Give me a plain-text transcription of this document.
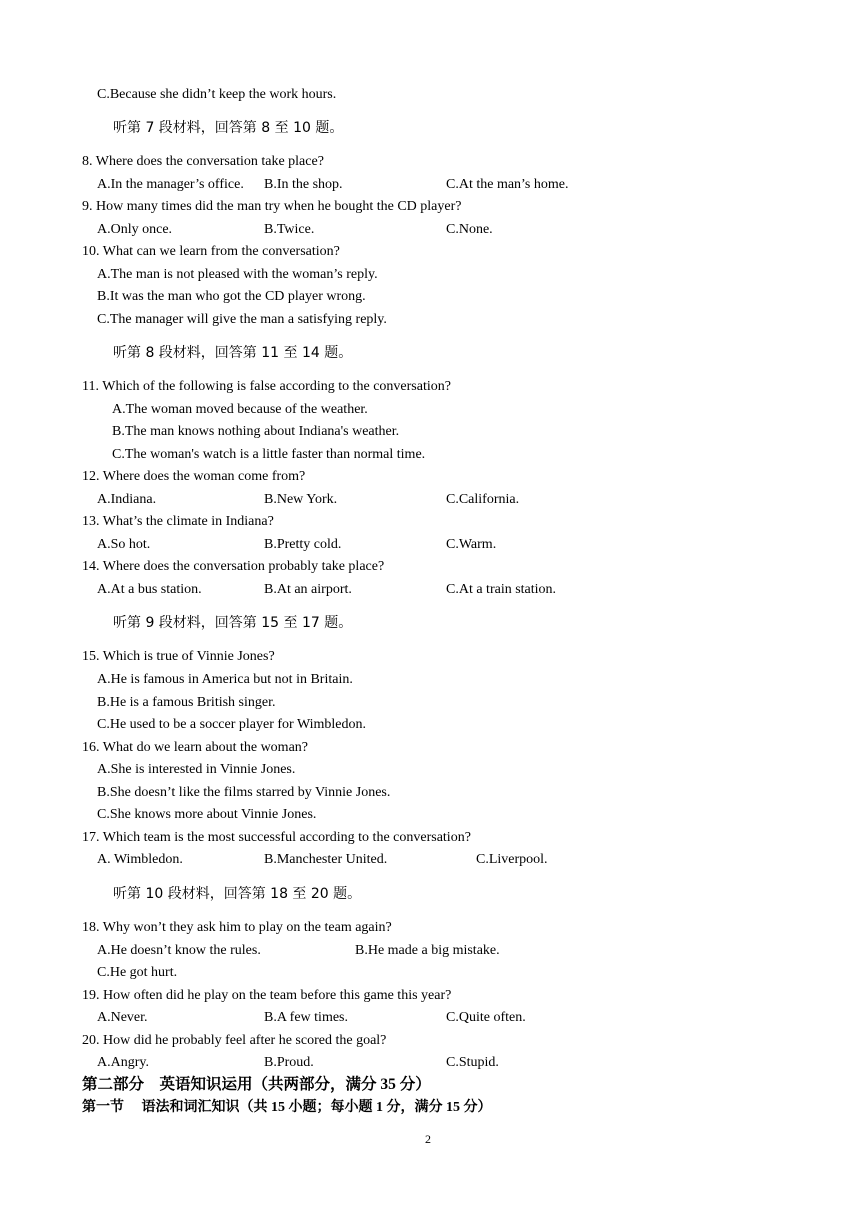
C.Because she didn’t keep the work hours.
听第 7 段材料，回答第 8 至 10 题。
8. Where does the conversation take place?
A.In the manager’s office. B.In the shop.	C.At the man’s home.
9. How many times did the man try when he bought the CD player?
A.Only once.	B.Twice.	C.None.
10. What can we learn from the conversation?
A.The man is not pleased with the woman’s reply.
B.It was the man who got the CD player wrong.
C.The manager will give the man a satisfying reply.
听第 8 段材料，回答第 11 至 14 题。
11. Which of the following is false according to the conversation?
A.The woman moved because of the weather.
B.The man knows nothing about Indiana's weather.
C.The woman's watch is a little faster than normal time.
12. Where does the woman come from?
A.Indiana.	B.New York.	C.California.
13. What’s the climate in Indiana?
A.So hot.	B.Pretty cold.	C.Warm.
14. Where does the conversation probably take place?
A.At a bus station.	B.At an airport.	C.At a train station.
听第 9 段材料，回答第 15 至 17 题。
15. Which is true of Vinnie Jones?
A.He is famous in America but not in Britain.
B.He is a famous British singer.
C.He used to be a soccer player for Wimbledon.
16. What do we learn about the woman?
A.She is interested in Vinnie Jones.
B.She doesn’t like the films starred by Vinnie Jones.
C.She knows more about Vinnie Jones.
17. Which team is the most successful according to the conversation?
A. Wimbledon.	B.Manchester United.	C.Liverpool.
听第 10 段材料，回答第 18 至 20 题。
18. Why won’t they ask him to play on the team again?
A.He doesn’t know the rules.	B.He made a big mistake.
C.He got hurt.
19. How often did he play on the team before this game this year?
A.Never.	B.A few times.	C.Quite often.
20. How did he probably feel after he scored the goal?
A.Angry.	B.Proud.	C.Stupid.
第二部分　英语知识运用（共两部分，满分 35 分）
第一节　 语法和词汇知识（共 15 小题；每小题 1 分，满分 15 分）
2
